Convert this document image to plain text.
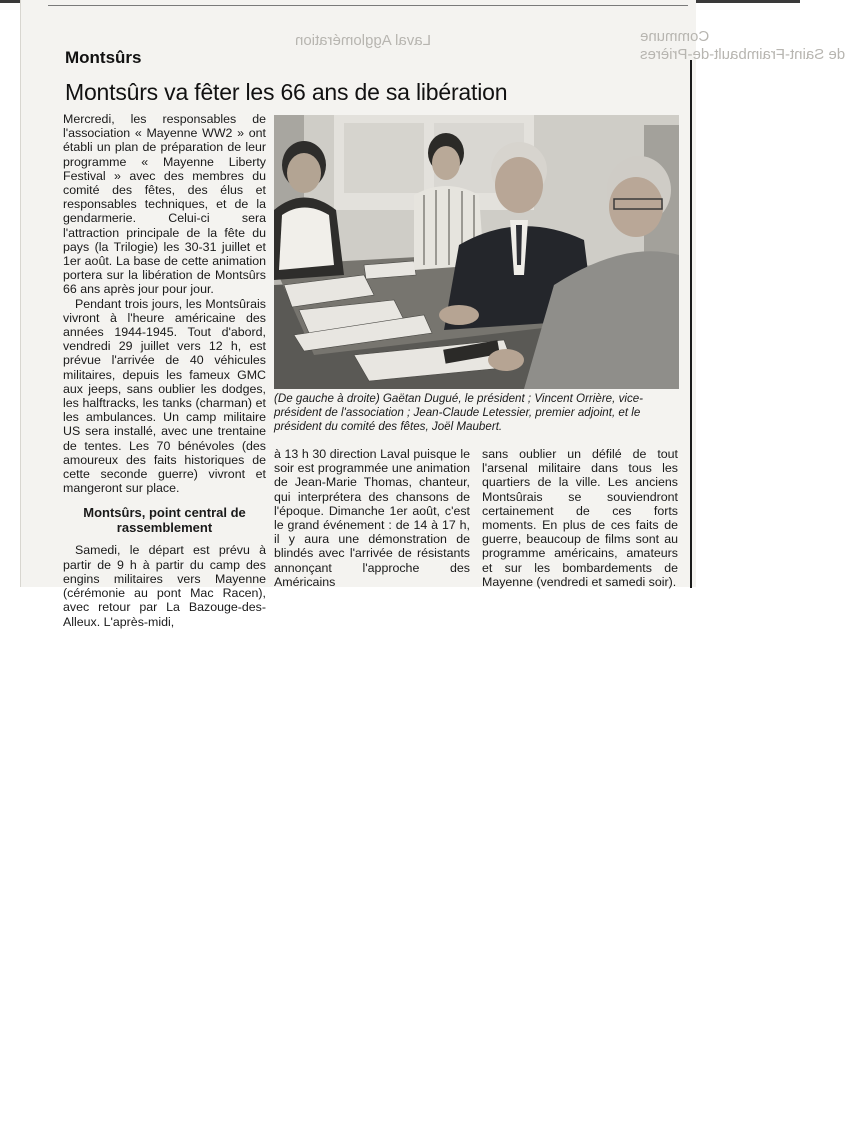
Commune
de Saint-Fraimbault-de-Prières
Laval Agglomération
Montsûrs
Montsûrs va fêter les 66 ans de sa libération

Mercredi, les responsables de l'association « Mayenne WW2 » ont établi un plan de préparation de leur programme « Mayenne Liberty Festival » avec des membres du comité des fêtes, des élus et responsables techniques, et de la gendarmerie. Celui-ci sera l'attraction principale de la fête du pays (la Trilogie) les 30-31 juillet et 1er août. La base de cette animation portera sur la libération de Montsûrs 66 ans après jour pour jour.

Pendant trois jours, les Montsûrais vivront à l'heure américaine des années 1944-1945. Tout d'abord, vendredi 29 juillet vers 12 h, est prévue l'arrivée de 40 véhicules militaires, depuis les fameux GMC aux jeeps, sans oublier les dodges, les halftracks, les tanks (charman) et les ambulances. Un camp militaire US sera installé, avec une trentaine de tentes. Les 70 bénévoles (des amoureux des faits historiques de cette seconde guerre) vivront et mangeront sur place.

Montsûrs, point central de rassemblement

Samedi, le départ est prévu à partir de 9 h à partir du camp des engins militaires vers Mayenne (cérémonie au pont Mac Racen), avec retour par La Bazouge-des-Alleux. L'après-midi,

(De gauche à droite) Gaëtan Dugué, le président ; Vincent Orrière, vice-président de l'association ; Jean-Claude Letessier, premier adjoint, et le président du comité des fêtes, Joël Maubert.

à 13 h 30 direction Laval puisque le soir est programmée une animation de Jean-Marie Thomas, chanteur, qui interprétera des chansons de l'époque. Dimanche 1er août, c'est le grand événement : de 14 à 17 h, il y aura une démonstration de blindés avec l'arrivée de résistants annonçant l'approche des Américains

sans oublier un défilé de tout l'arsenal militaire dans tous les quartiers de la ville. Les anciens Montsûrais se souviendront certainement de ces forts moments. En plus de ces faits de guerre, beaucoup de films sont au programme américains, amateurs et sur les bombardements de Mayenne (vendredi et samedi soir).
